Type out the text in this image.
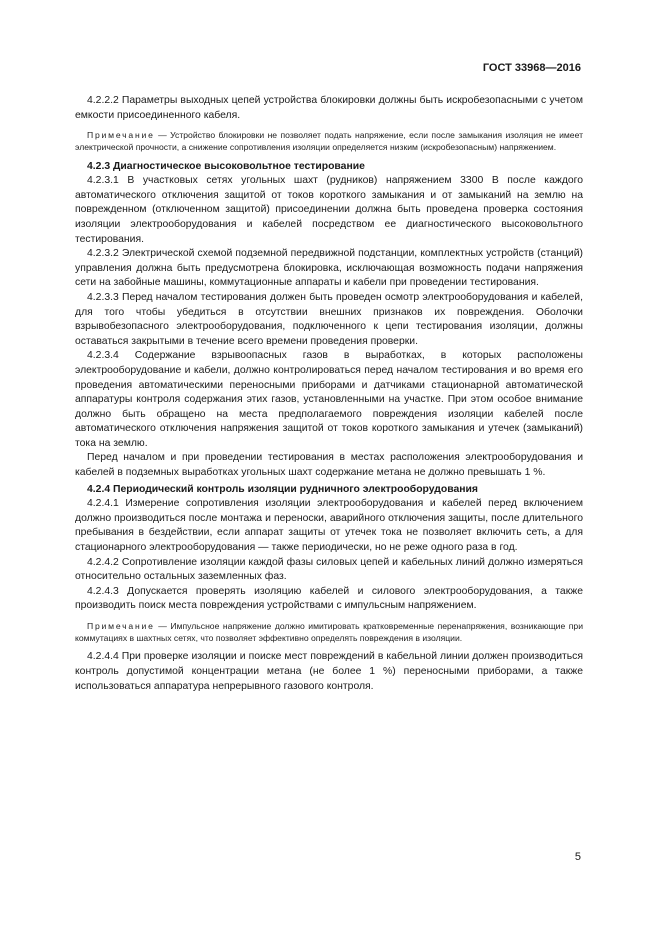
ГОСТ 33968—2016

4.2.2.2 Параметры выходных цепей устройства блокировки должны быть искробезопасными с учетом емкости присоединенного кабеля.

Примечание — Устройство блокировки не позволяет подать напряжение, если после замыкания изоляция не имеет электрической прочности, а снижение сопротивления изоляции определяется низким (искробезопасным) напряжением.

4.2.3 Диагностическое высоковольтное тестирование

4.2.3.1 В участковых сетях угольных шахт (рудников) напряжением 3300 В после каждого автоматического отключения защитой от токов короткого замыкания и от замыканий на землю на поврежденном (отключенном защитой) присоединении должна быть проведена проверка состояния изоляции электрооборудования и кабелей посредством ее диагностического высоковольтного тестирования.

4.2.3.2 Электрической схемой подземной передвижной подстанции, комплектных устройств (станций) управления должна быть предусмотрена блокировка, исключающая возможность подачи напряжения сети на забойные машины, коммутационные аппараты и кабели при проведении тестирования.

4.2.3.3 Перед началом тестирования должен быть проведен осмотр электрооборудования и кабелей, для того чтобы убедиться в отсутствии внешних признаков их повреждения. Оболочки взрывобезопасного электрооборудования, подключенного к цепи тестирования изоляции, должны оставаться закрытыми в течение всего времени проведения проверки.

4.2.3.4 Содержание взрывоопасных газов в выработках, в которых расположены электрооборудование и кабели, должно контролироваться перед началом тестирования и во время его проведения автоматическими переносными приборами и датчиками стационарной автоматической аппаратуры контроля содержания этих газов, установленными на участке. При этом особое внимание должно быть обращено на места предполагаемого повреждения изоляции кабелей после автоматического отключения напряжения защитой от токов короткого замыкания и утечек (замыканий) тока на землю.

Перед началом и при проведении тестирования в местах расположения электрооборудования и кабелей в подземных выработках угольных шахт содержание метана не должно превышать 1 %.

4.2.4 Периодический контроль изоляции рудничного электрооборудования

4.2.4.1 Измерение сопротивления изоляции электрооборудования и кабелей перед включением должно производиться после монтажа и переноски, аварийного отключения защиты, после длительного пребывания в бездействии, если аппарат защиты от утечек тока не позволяет включить сеть, а для стационарного электрооборудования — также периодически, но не реже одного раза в год.

4.2.4.2 Сопротивление изоляции каждой фазы силовых цепей и кабельных линий должно измеряться относительно остальных заземленных фаз.

4.2.4.3 Допускается проверять изоляцию кабелей и силового электрооборудования, а также производить поиск места повреждения устройствами с импульсным напряжением.

Примечание — Импульсное напряжение должно имитировать кратковременные перенапряжения, возникающие при коммутациях в шахтных сетях, что позволяет эффективно определять повреждения в изоляции.

4.2.4.4 При проверке изоляции и поиске мест повреждений в кабельной линии должен производиться контроль допустимой концентрации метана (не более 1 %) переносными приборами, а также использоваться аппаратура непрерывного газового контроля.

5
